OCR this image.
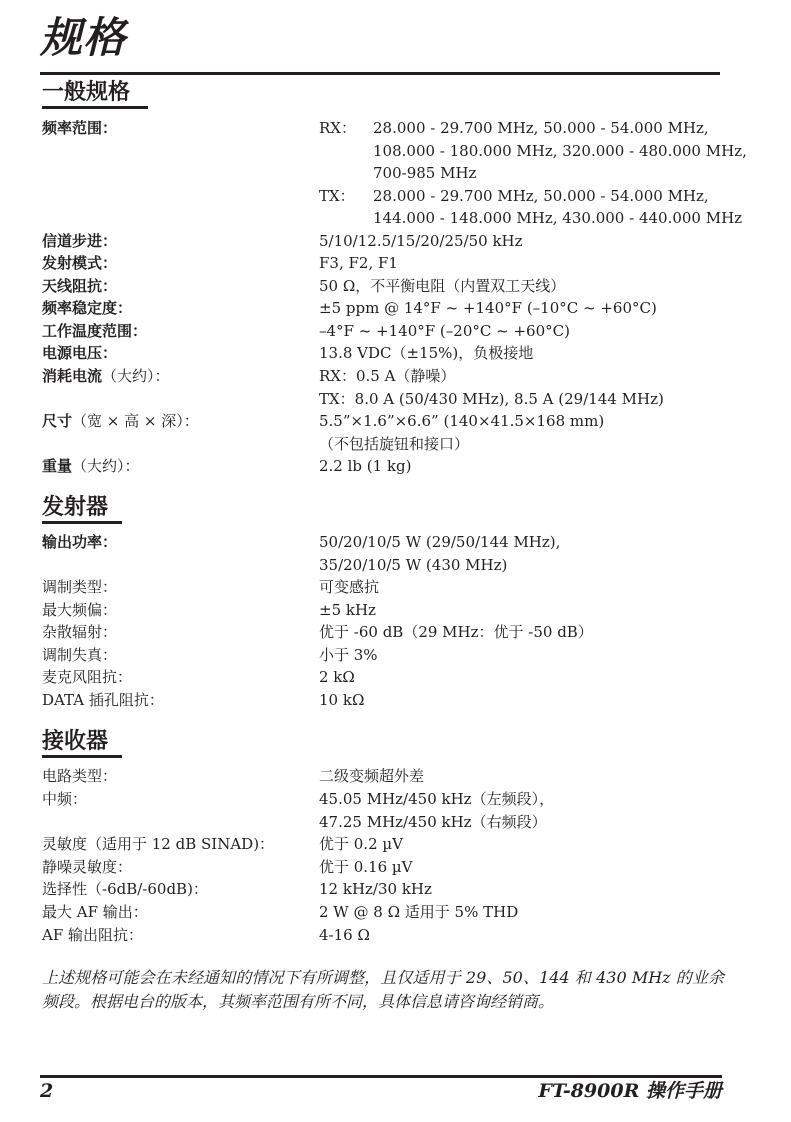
规格
一般规格
频率范围：	RX：	28.000 - 29.700 MHz, 50.000 - 54.000 MHz,
108.000 - 180.000 MHz, 320.000 - 480.000 MHz,
700-985 MHz
TX：	28.000 - 29.700 MHz, 50.000 - 54.000 MHz,
144.000 - 148.000 MHz, 430.000 - 440.000 MHz
信道步进：	5/10/12.5/15/20/25/50 kHz
发射模式：	F3, F2, F1
天线阻抗：	50 Ω，不平衡电阻（内置双工天线）
频率稳定度：	±5 ppm @ 14°F ~ +140°F (–10°C ~ +60°C)
工作温度范围：	–4°F ~ +140°F (–20°C ~ +60°C)
电源电压：	13.8 VDC（±15%)，负极接地
消耗电流（大约）：	RX：0.5 A（静噪）
TX：8.0 A (50/430 MHz), 8.5 A (29/144 MHz)
尺寸（宽 × 高 × 深）：	5.5”×1.6”×6.6” (140×41.5×168 mm)
（不包括旋钮和接口）
重量（大约）：	2.2 lb (1 kg)
发射器
输出功率：	50/20/10/5 W (29/50/144 MHz),
35/20/10/5 W (430 MHz)
调制类型：	可变感抗
最大频偏：	±5 kHz
杂散辐射：	优于 -60 dB（29 MHz：优于 -50 dB）
调制失真：	小于 3%
麦克风阻抗：	2 kΩ
DATA 插孔阻抗：	10 kΩ
接收器
电路类型：	二级变频超外差
中频：	45.05 MHz/450 kHz（左频段），
47.25 MHz/450 kHz（右频段）
灵敏度（适用于 12 dB SINAD)：	优于 0.2 µV
静噪灵敏度：	优于 0.16 µV
选择性（-6dB/-60dB)：	12 kHz/30 kHz
最大 AF 输出：	2 W @ 8 Ω 适用于 5% THD
AF 输出阻抗：	4-16 Ω
上述规格可能会在未经通知的情况下有所调整，且仅适用于 29、50、144 和 430 MHz 的业余频段。根据电台的版本，其频率范围有所不同，具体信息请咨询经销商。
2	FT-8900R 操作手册
